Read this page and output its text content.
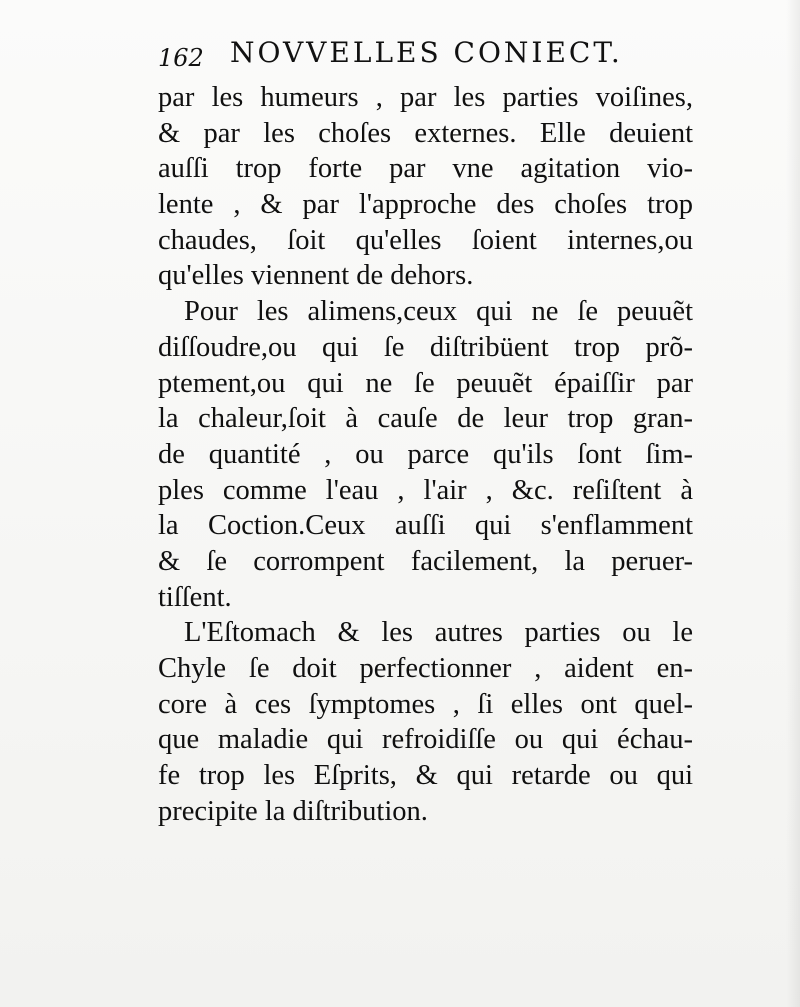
162 NOVVELLES CONIECT.
par les humeurs , par les parties voiſines,
& par les choſes externes. Elle deuient
auſſi trop forte par vne agitation vio-
lente , & par l'approche des choſes trop
chaudes, ſoit qu'elles ſoient internes,ou
qu'elles viennent de dehors.
Pour les alimens,ceux qui ne ſe peuuẽt
diſſoudre,ou qui ſe diſtribüent trop prõ-
ptement,ou qui ne ſe peuuẽt épaiſſir par
la chaleur,ſoit à cauſe de leur trop gran-
de quantité , ou parce qu'ils ſont ſim-
ples comme l'eau , l'air , &c. reſiſtent à
la Coction.Ceux auſſi qui s'enflamment
& ſe corrompent facilement, la peruer-
tiſſent.
L'Eſtomach & les autres parties ou le
Chyle ſe doit perfectionner , aident en-
core à ces ſymptomes , ſi elles ont quel-
que maladie qui refroidiſſe ou qui échau-
fe trop les Eſprits, & qui retarde ou qui
precipite la diſtribution.
